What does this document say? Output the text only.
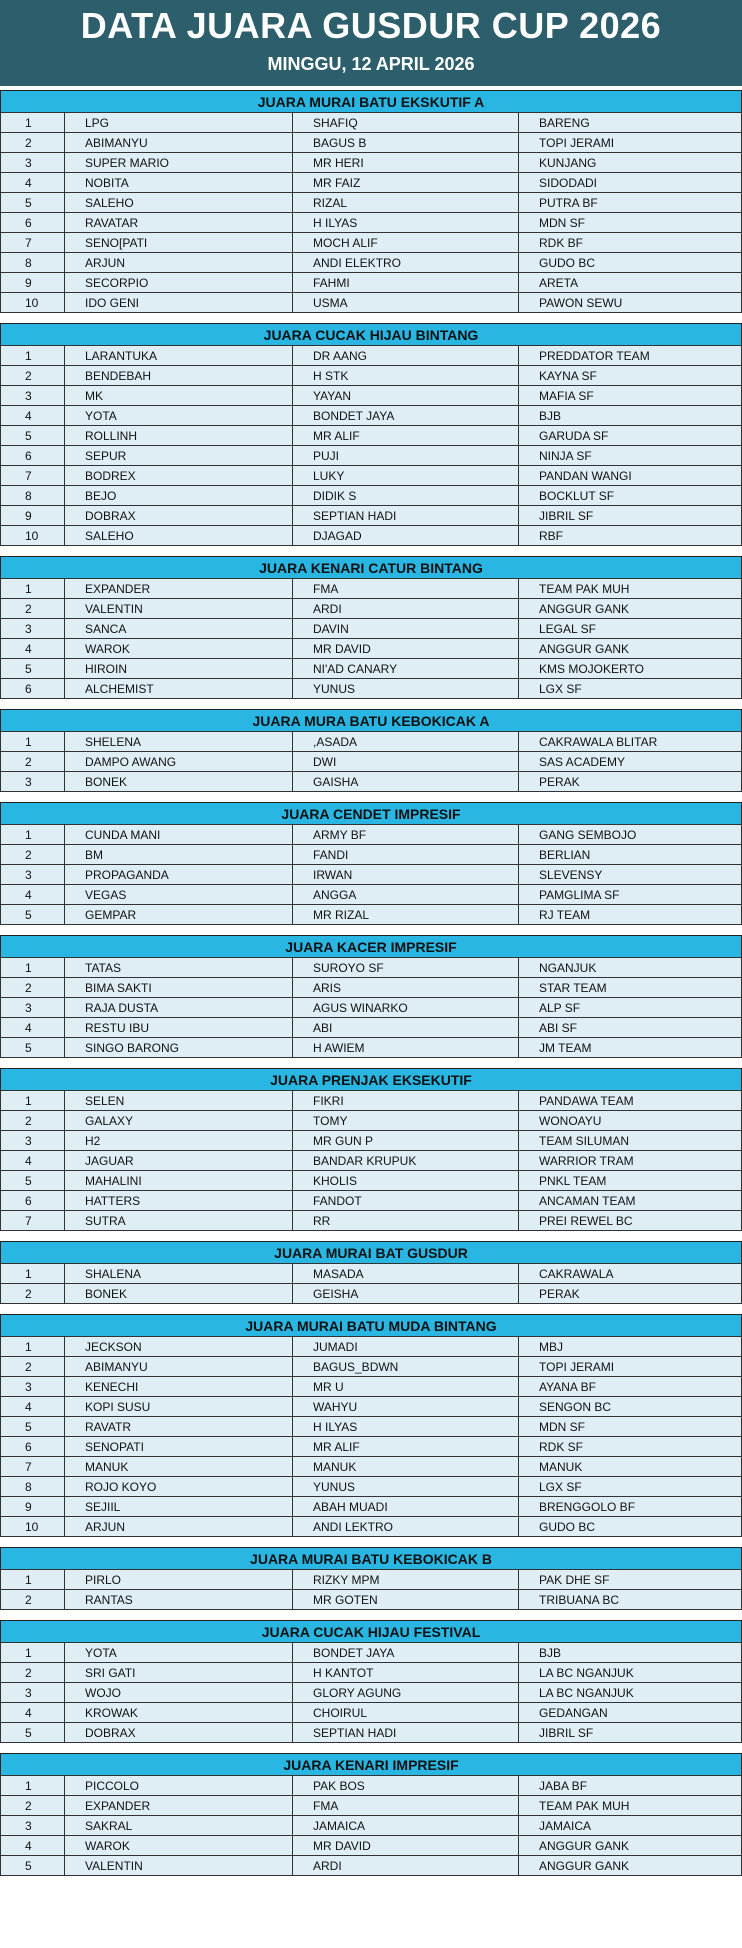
DATA JUARA GUSDUR CUP 2026
MINGGU, 12 APRIL 2026
JUARA MURAI BATU EKSKUTIF A
1	LPG	SHAFIQ	BARENG
2	ABIMANYU	BAGUS B	TOPI JERAMI
3	SUPER MARIO	MR HERI	KUNJANG
4	NOBITA	MR FAIZ	SIDODADI
5	SALEHO	RIZAL	PUTRA BF
6	RAVATAR	H ILYAS	MDN SF
7	SENO[PATI	MOCH ALIF	RDK BF
8	ARJUN	ANDI ELEKTRO	GUDO BC
9	SECORPIO	FAHMI	ARETA
10	IDO GENI	USMA	PAWON SEWU
JUARA CUCAK HIJAU BINTANG
1	LARANTUKA	DR AANG	PREDDATOR TEAM
2	BENDEBAH	H STK	KAYNA SF
3	MK	YAYAN	MAFIA SF
4	YOTA	BONDET JAYA	BJB
5	ROLLINH	MR ALIF	GARUDA SF
6	SEPUR	PUJI	NINJA SF
7	BODREX	LUKY	PANDAN WANGI
8	BEJO	DIDIK S	BOCKLUT SF
9	DOBRAX	SEPTIAN HADI	JIBRIL SF
10	SALEHO	DJAGAD	RBF
JUARA KENARI CATUR BINTANG
1	EXPANDER	FMA	TEAM PAK MUH
2	VALENTIN	ARDI	ANGGUR GANK
3	SANCA	DAVIN	LEGAL SF
4	WAROK	MR DAVID	ANGGUR GANK
5	HIROIN	NI'AD CANARY	KMS MOJOKERTO
6	ALCHEMIST	YUNUS	LGX SF
JUARA MURA BATU KEBOKICAK A
1	SHELENA	,ASADA	CAKRAWALA BLITAR
2	DAMPO AWANG	DWI	SAS ACADEMY
3	BONEK	GAISHA	PERAK
JUARA CENDET IMPRESIF
1	CUNDA MANI	ARMY BF	GANG SEMBOJO
2	BM	FANDI	BERLIAN
3	PROPAGANDA	IRWAN	SLEVENSY
4	VEGAS	ANGGA	PAMGLIMA SF
5	GEMPAR	MR RIZAL	RJ TEAM
JUARA KACER IMPRESIF
1	TATAS	SUROYO SF	NGANJUK
2	BIMA SAKTI	ARIS	STAR TEAM
3	RAJA DUSTA	AGUS WINARKO	ALP SF
4	RESTU IBU	ABI	ABI SF
5	SINGO BARONG	H AWIEM	JM TEAM
JUARA PRENJAK EKSEKUTIF
1	SELEN	FIKRI	PANDAWA TEAM
2	GALAXY	TOMY	WONOAYU
3	H2	MR GUN P	TEAM SILUMAN
4	JAGUAR	BANDAR KRUPUK	WARRIOR TRAM
5	MAHALINI	KHOLIS	PNKL TEAM
6	HATTERS	FANDOT	ANCAMAN TEAM
7	SUTRA	RR	PREI REWEL BC
JUARA MURAI BAT GUSDUR
1	SHALENA	MASADA	CAKRAWALA
2	BONEK	GEISHA	PERAK
JUARA MURAI BATU MUDA BINTANG
1	JECKSON	JUMADI	MBJ
2	ABIMANYU	BAGUS_BDWN	TOPI JERAMI
3	KENECHI	MR U	AYANA BF
4	KOPI SUSU	WAHYU	SENGON BC
5	RAVATR	H ILYAS	MDN SF
6	SENOPATI	MR ALIF	RDK SF
7	MANUK	MANUK	MANUK
8	ROJO KOYO	YUNUS	LGX SF
9	SEJIIL	ABAH MUADI	BRENGGOLO BF
10	ARJUN	ANDI LEKTRO	GUDO BC
JUARA MURAI BATU KEBOKICAK B
1	PIRLO	RIZKY MPM	PAK DHE SF
2	RANTAS	MR GOTEN	TRIBUANA BC
JUARA CUCAK HIJAU FESTIVAL
1	YOTA	BONDET JAYA	BJB
2	SRI GATI	H KANTOT	LA BC NGANJUK
3	WOJO	GLORY AGUNG	LA BC NGANJUK
4	KROWAK	CHOIRUL	GEDANGAN
5	DOBRAX	SEPTIAN HADI	JIBRIL SF
JUARA KENARI IMPRESIF
1	PICCOLO	PAK BOS	JABA BF
2	EXPANDER	FMA	TEAM PAK MUH
3	SAKRAL	JAMAICA	JAMAICA
4	WAROK	MR DAVID	ANGGUR GANK
5	VALENTIN	ARDI	ANGGUR GANK
